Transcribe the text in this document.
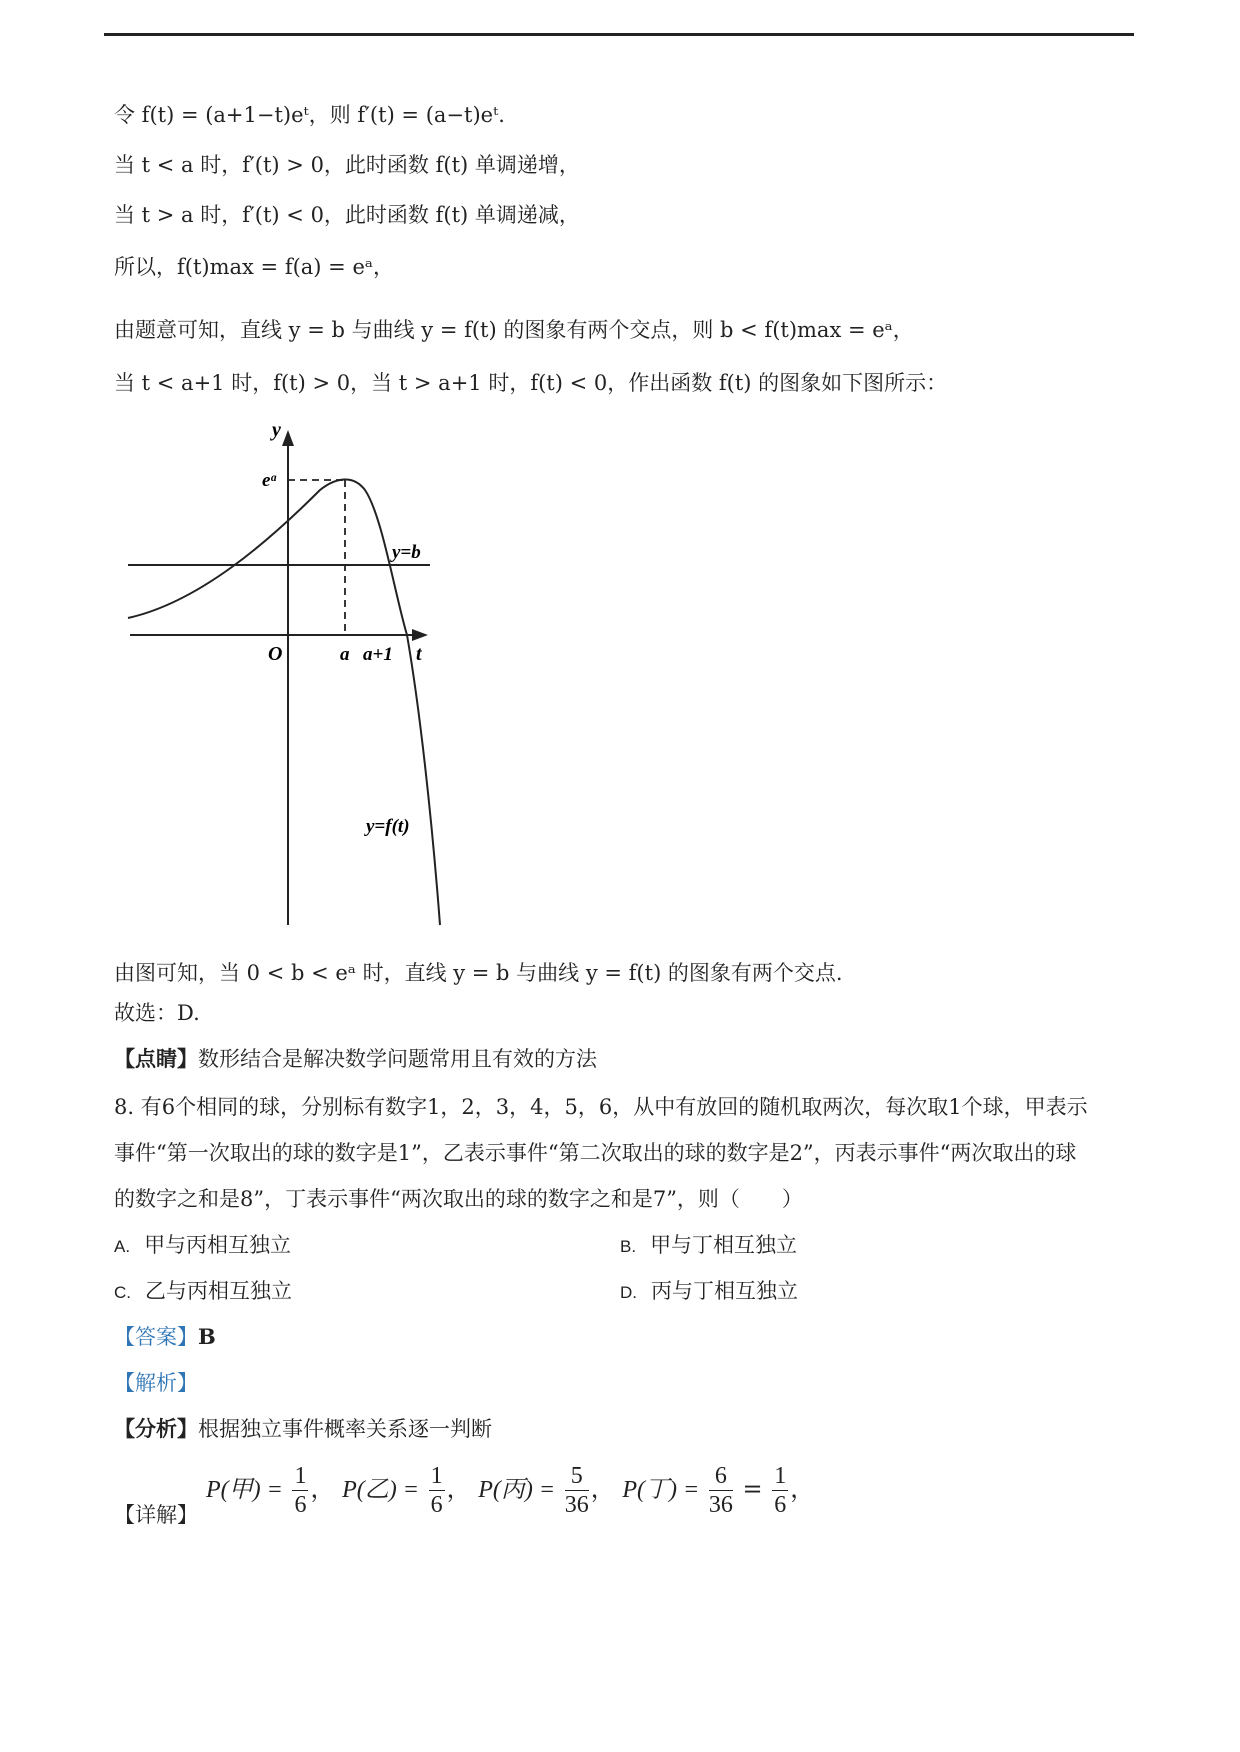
令 f(t) = (a+1−t)eᵗ，则 f′(t) = (a−t)eᵗ.
当 t < a 时，f′(t) > 0，此时函数 f(t) 单调递增，
当 t > a 时，f′(t) < 0，此时函数 f(t) 单调递减，
所以，f(t)max = f(a) = eᵃ，
由题意可知，直线 y = b 与曲线 y = f(t) 的图象有两个交点，则 b < f(t)max = eᵃ，
当 t < a+1 时，f(t) > 0，当 t > a+1 时，f(t) < 0，作出函数 f(t) 的图象如下图所示：
y
t
O
eᵃ
y=b
a a+1
y=f(t)
由图可知，当 0 < b < eᵃ 时，直线 y = b 与曲线 y = f(t) 的图象有两个交点.
故选：D.
【点睛】数形结合是解决数学问题常用且有效的方法
8. 有6个相同的球，分别标有数字1，2，3，4，5，6，从中有放回的随机取两次，每次取1个球，甲表示
事件“第一次取出的球的数字是1”，乙表示事件“第二次取出的球的数字是2”，丙表示事件“两次取出的球
的数字之和是8”，丁表示事件“两次取出的球的数字之和是7”，则（　　）
A. 甲与丙相互独立	B. 甲与丁相互独立
C. 乙与丙相互独立	D. 丙与丁相互独立
【答案】B
【解析】
【分析】根据独立事件概率关系逐一判断
【详解】
P(甲) = $\frac{1}{6}$ ， P(乙) = $\frac{1}{6}$ ， P(丙) = $\frac{5}{36}$ ， P(丁) = $\frac{6}{36} = \frac{1}{6}$ ，
